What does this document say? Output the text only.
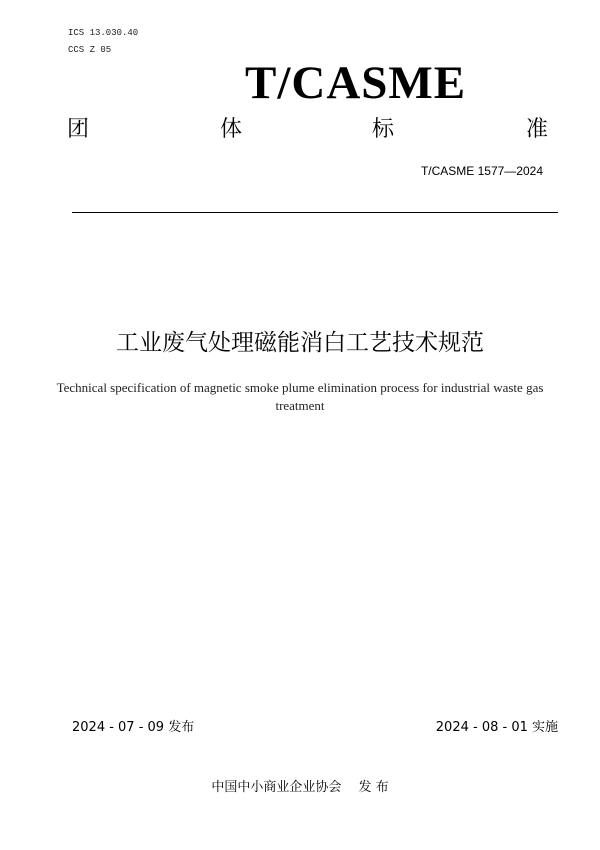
ICS 13.030.40
CCS Z 05
T/CASME
团	体	标	准
T/CASME 1577—2024
工业废气处理磁能消白工艺技术规范
Technical specification of magnetic smoke plume elimination process for industrial waste gas treatment
2024 - 07 - 09 发布	2024 - 08 - 01 实施
中国中小商业企业协会　 发 布
